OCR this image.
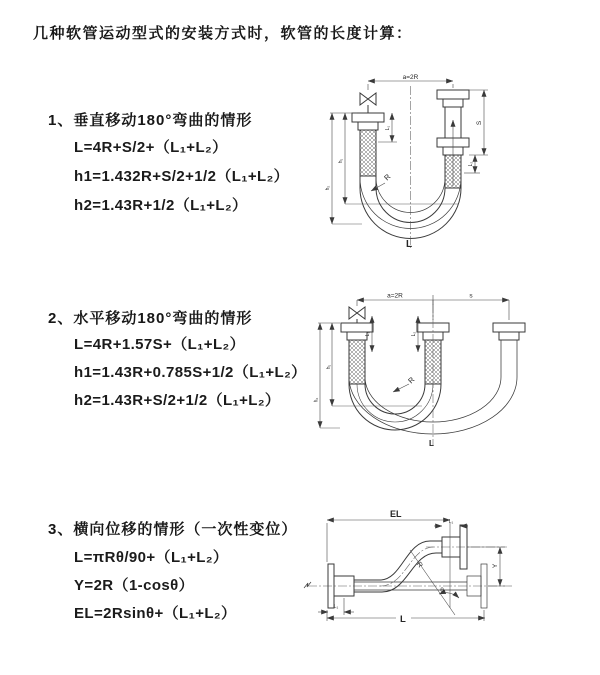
几种软管运动型式的安装方式时，软管的长度计算：
1、垂直移动180°弯曲的情形
L=4R+S/2+（L₁+L₂）
h1=1.432R+S/2+1/2（L₁+L₂）
h2=1.43R+1/2（L₁+L₂）
2、水平移动180°弯曲的情形
L=4R+1.57S+（L₁+L₂）
h1=1.43R+0.785S+1/2（L₁+L₂）
h2=1.43R+S/2+1/2（L₁+L₂）
3、横向位移的情形（一次性变位）
L=πRθ/90+（L₁+L₂）
Y=2R（1-cosθ）
EL=2Rsinθ+（L₁+L₂）
a=2R
h₁
h₂
L₁
S
L₂
R
L
a=2R	s
h₁
h₂
L₁	L₂
R
L
EL
L₁
Y
R
θ
L
L₁
